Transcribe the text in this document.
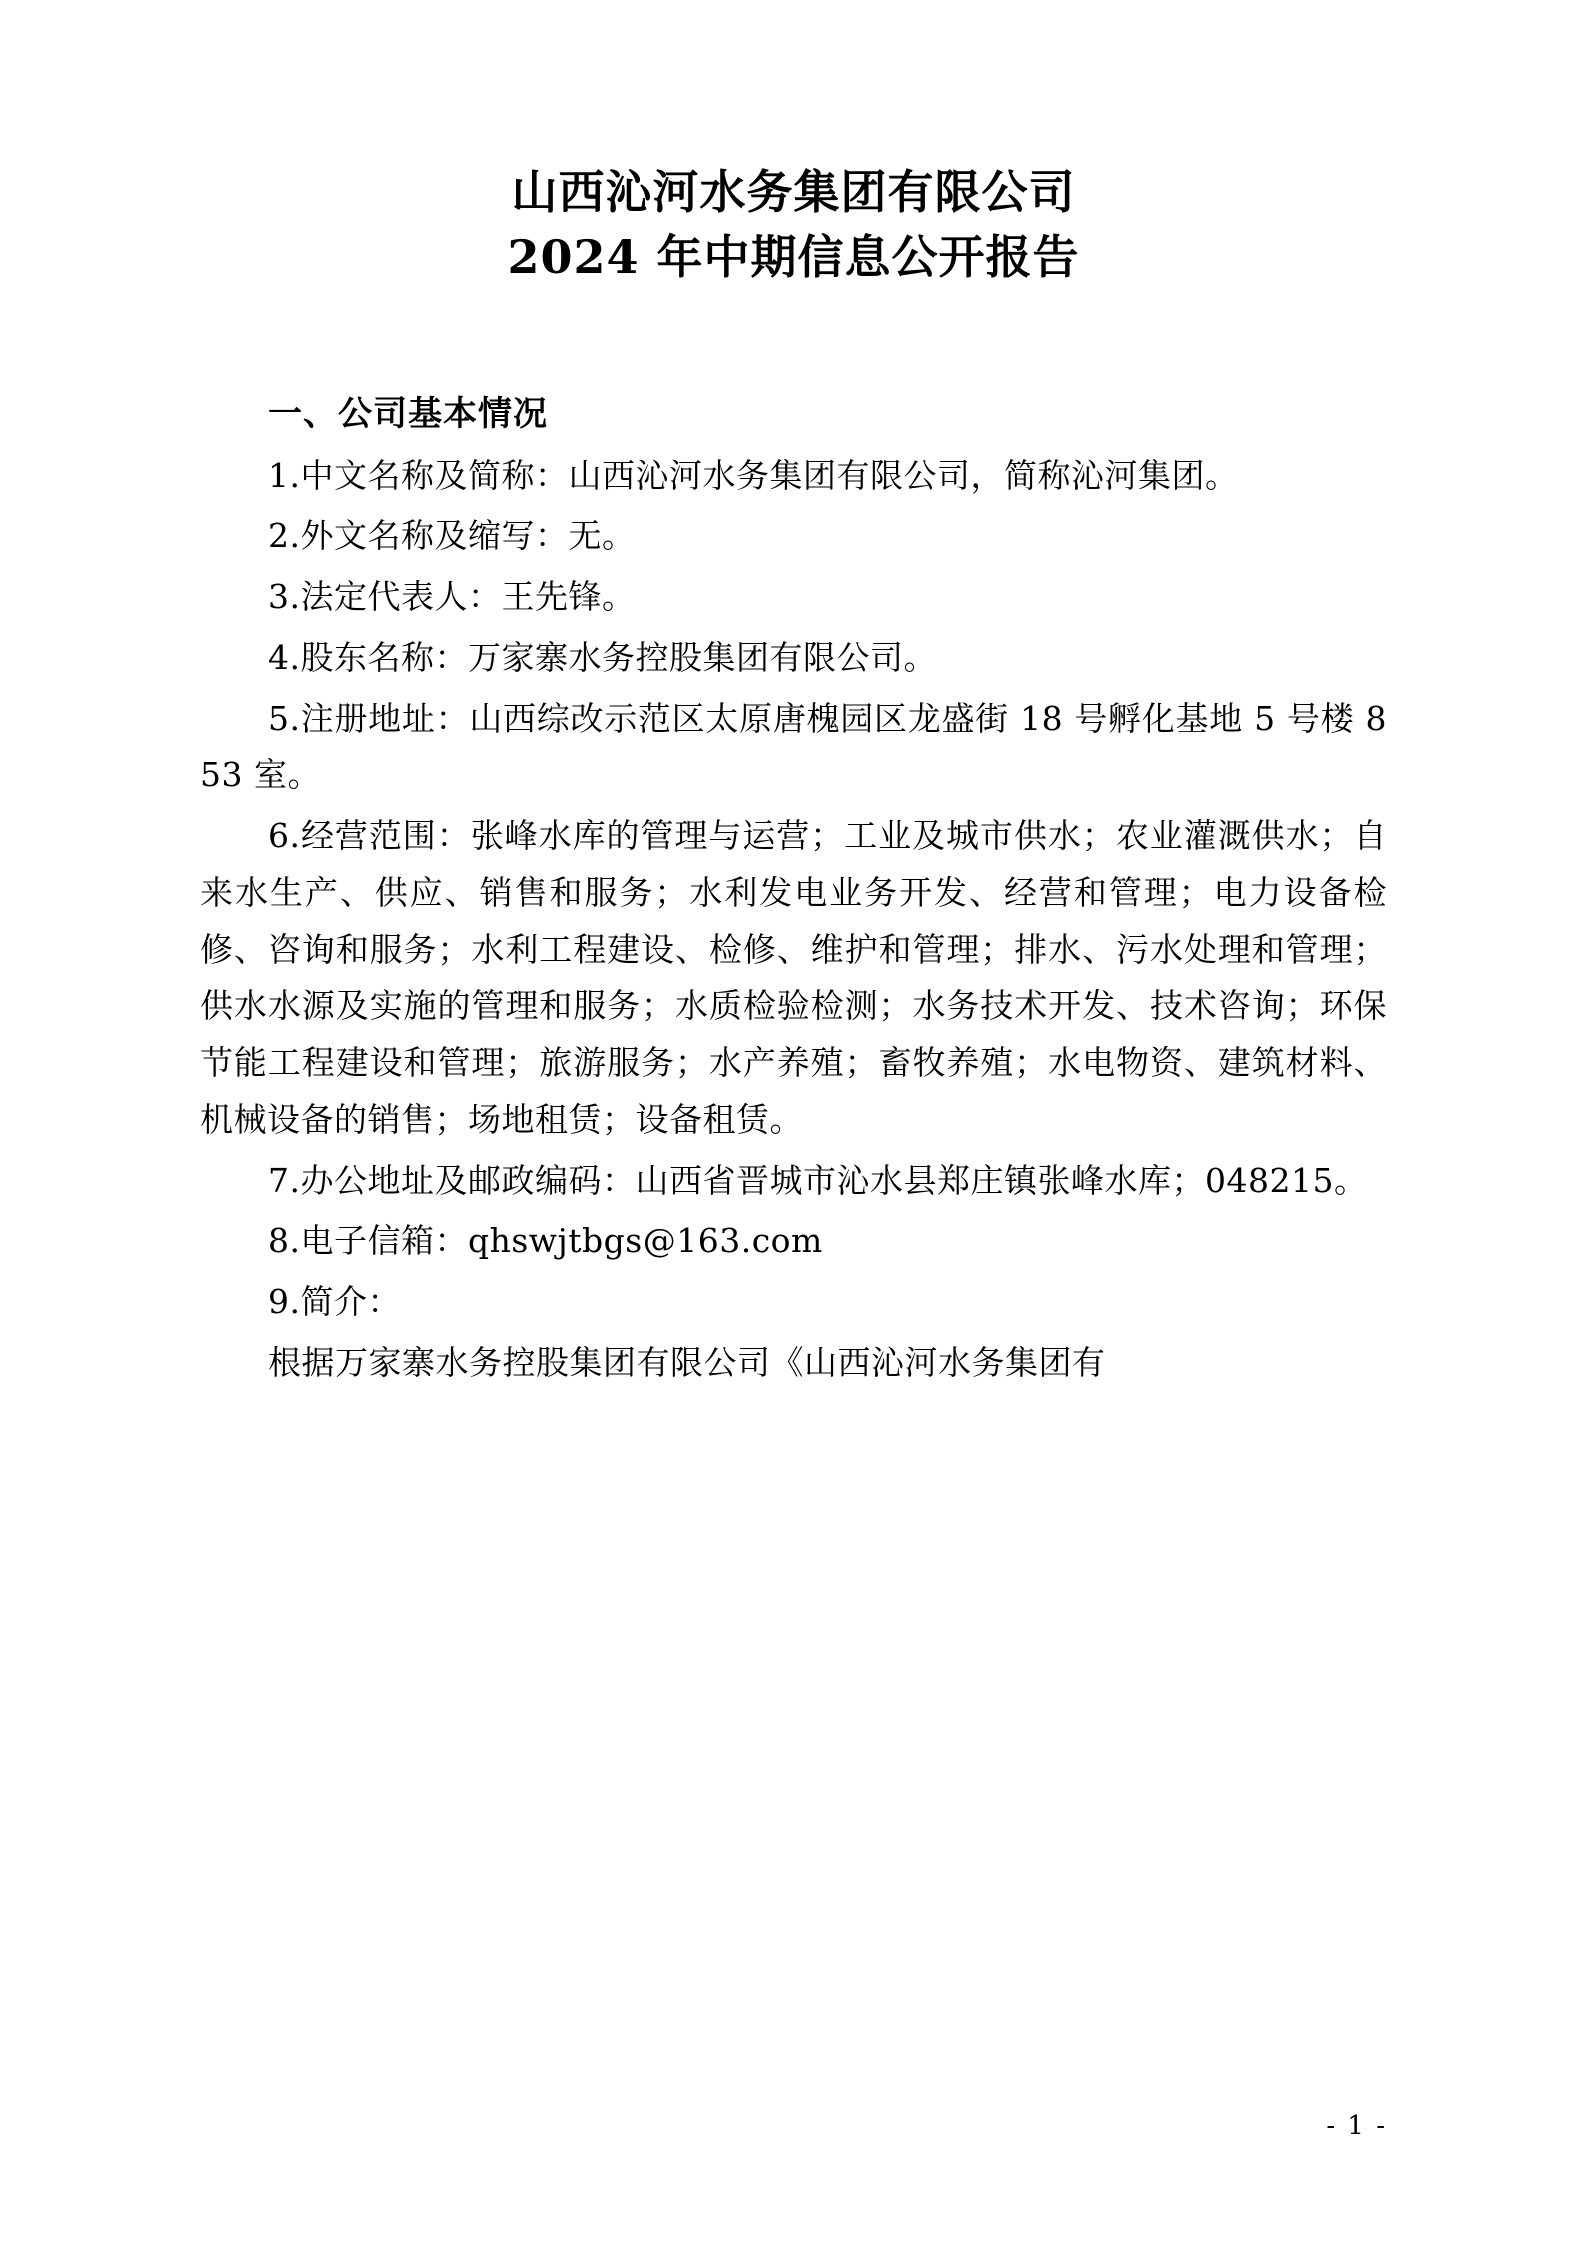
山西沁河水务集团有限公司
2024 年中期信息公开报告
一、公司基本情况

1.中文名称及简称：山西沁河水务集团有限公司，简称沁河集团。

2.外文名称及缩写：无。

3.法定代表人：王先锋。

4.股东名称：万家寨水务控股集团有限公司。

5.注册地址：山西综改示范区太原唐槐园区龙盛街 18 号孵化基地 5 号楼 853 室。

6.经营范围：张峰水库的管理与运营；工业及城市供水；农业灌溉供水；自来水生产、供应、销售和服务；水利发电业务开发、经营和管理；电力设备检修、咨询和服务；水利工程建设、检修、维护和管理；排水、污水处理和管理；供水水源及实施的管理和服务；水质检验检测；水务技术开发、技术咨询；环保节能工程建设和管理；旅游服务；水产养殖；畜牧养殖；水电物资、建筑材料、机械设备的销售；场地租赁；设备租赁。

7.办公地址及邮政编码：山西省晋城市沁水县郑庄镇张峰水库；048215。

8.电子信箱：qhswjtbgs@163.com

9.简介：

根据万家寨水务控股集团有限公司《山西沁河水务集团有

- 1 -
